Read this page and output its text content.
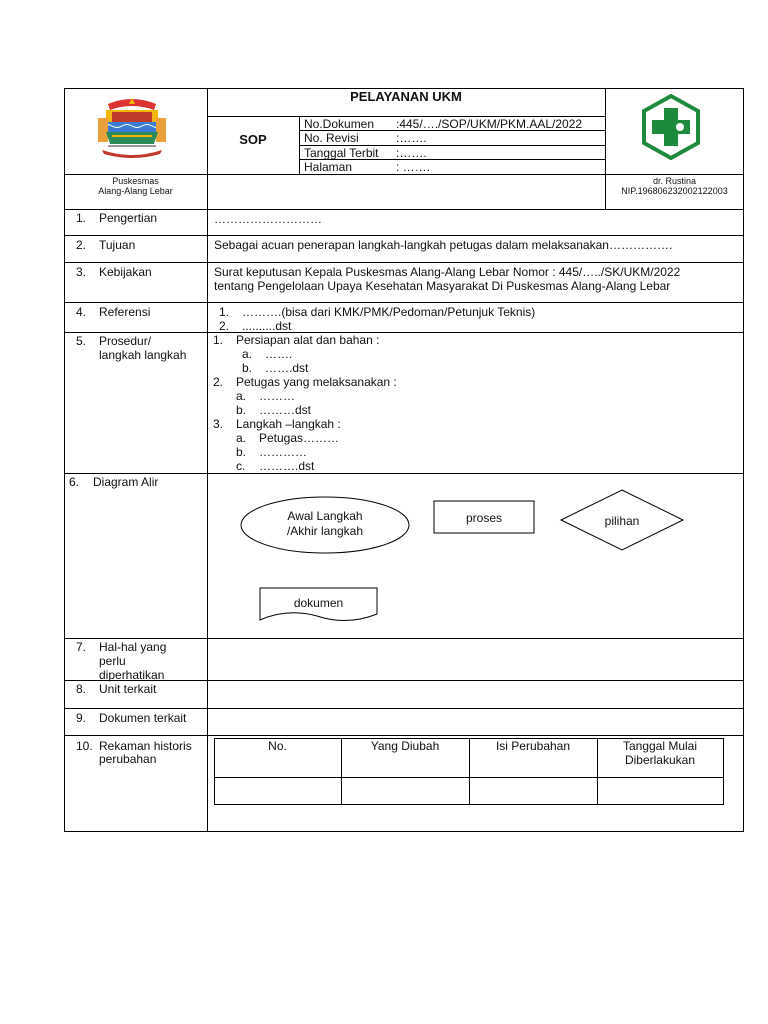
Puskesmas
Alang-Alang Lebar
PELAYANAN UKM
SOP
No.Dokumen :445/…./SOP/UKM/PKM.AAL/2022
No. Revisi	:…….
Tanggal Terbit :…….
Halaman	: …….
dr. Rustina
NIP.196806232002122003
1. Pengertian	………………………
2. Tujuan	Sebagai acuan penerapan langkah-langkah petugas dalam melaksanakan…………….
3. Kebijakan	Surat keputusan Kepala Puskesmas Alang-Alang Lebar Nomor : 445/…../SK/UKM/2022
tentang Pengelolaan Upaya Kesehatan Masyarakat Di Puskesmas Alang-Alang Lebar
4. Referensi	1. ……….(bisa dari KMK/PMK/Pedoman/Petunjuk Teknis)
2. ..........dst
5. Prosedur/
langkah langkah
1. Persiapan alat dan bahan :
a. …….
b. …….dst
2. Petugas yang melaksanakan :
a. ………
b. ………dst
3. Langkah –langkah :
a. Petugas………
b. …………
c. ……….dst
6. Diagram Alir
Awal Langkah
/Akhir langkah
proses	pilihan
dokumen
7. Hal-hal yang
perlu
diperhatikan
8. Unit terkait
9. Dokumen terkait
10. Rekaman historis
perubahan
No.	Yang Diubah	Isi Perubahan	Tanggal Mulai
Diberlakukan
